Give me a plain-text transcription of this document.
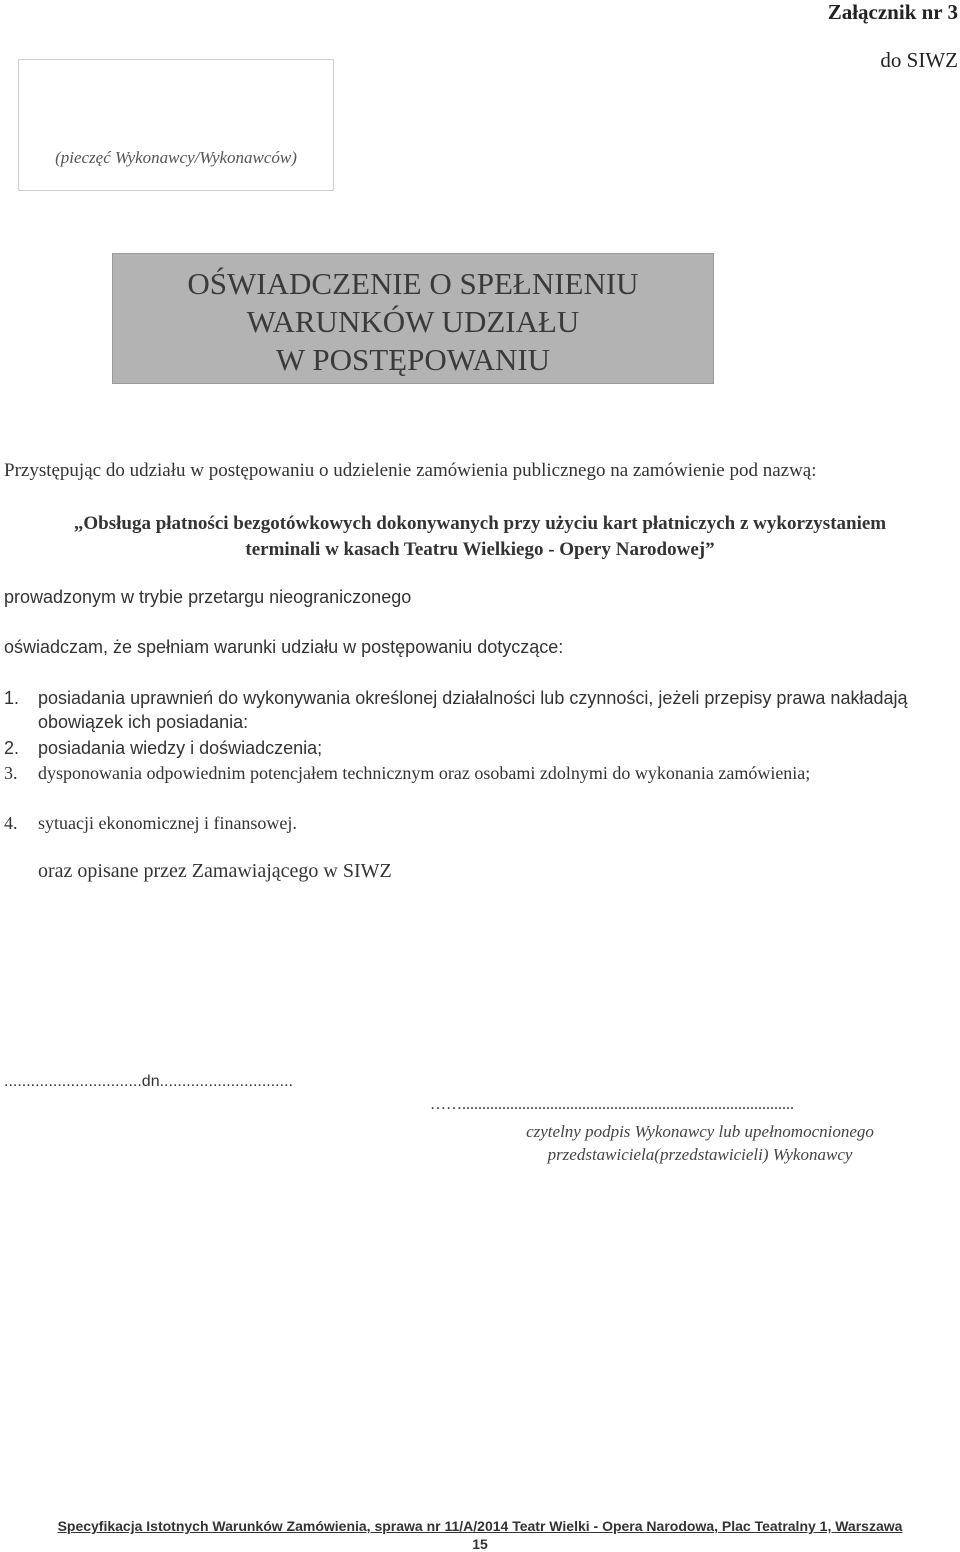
Załącznik nr 3
do SIWZ
(pieczęć Wykonawcy/Wykonawców)
OŚWIADCZENIE O SPEŁNIENIU
WARUNKÓW UDZIAŁU
W POSTĘPOWANIU
Przystępując do udziału w postępowaniu o udzielenie zamówienia publicznego na zamówienie pod nazwą:
„Obsługa płatności bezgotówkowych dokonywanych przy użyciu kart płatniczych z wykorzystaniem
terminali w kasach Teatru Wielkiego - Opery Narodowej”
prowadzonym w trybie przetargu nieograniczonego
oświadczam, że spełniam warunki udziału w postępowaniu dotyczące:
1. posiadania uprawnień do wykonywania określonej działalności lub czynności, jeżeli przepisy prawa nakładają obowiązek ich posiadania:
2. posiadania wiedzy i doświadczenia;
3. dysponowania odpowiednim potencjałem technicznym oraz osobami zdolnymi do wykonania zamówienia;
4. sytuacji ekonomicznej i finansowej.
oraz opisane przez Zamawiającego w SIWZ
...............................dn..............................
……...................................................................................
czytelny podpis Wykonawcy lub upełnomocnionego
przedstawiciela(przedstawicieli) Wykonawcy
Specyfikacja Istotnych Warunków Zamówienia, sprawa nr 11/A/2014 Teatr Wielki - Opera Narodowa, Plac Teatralny 1, Warszawa
15
